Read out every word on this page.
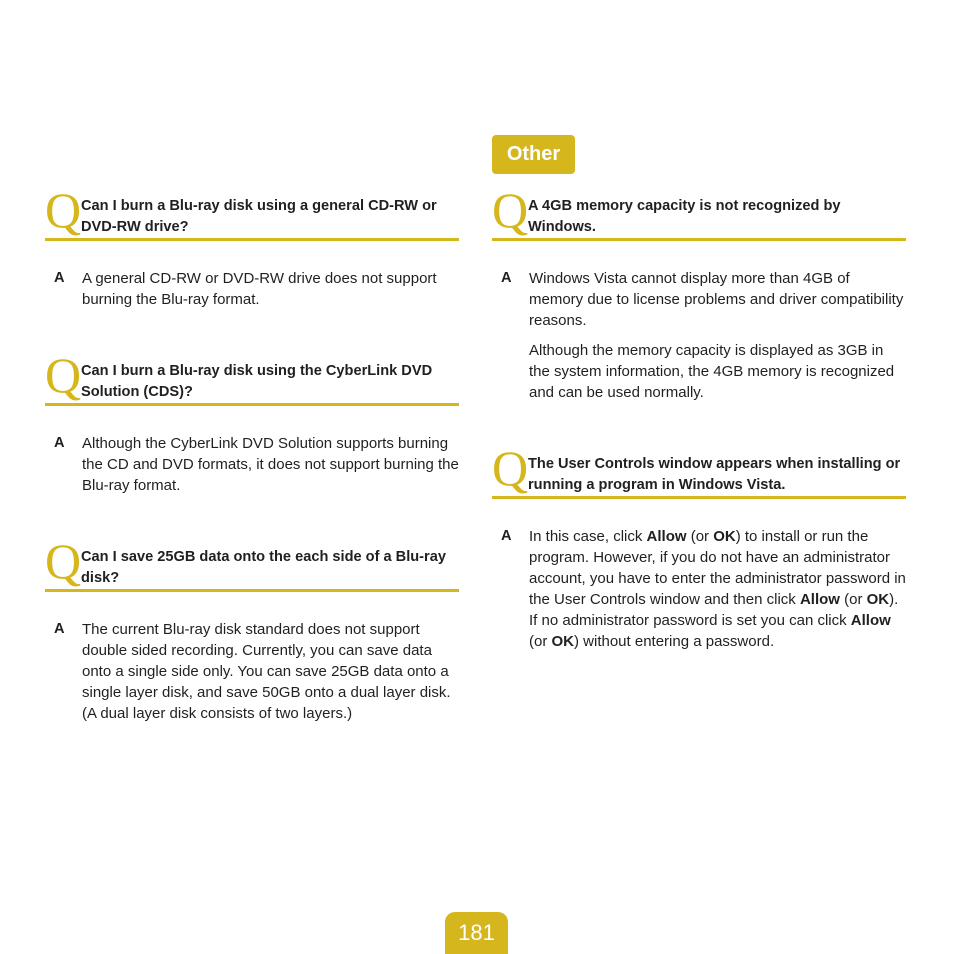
Other
Q Can I burn a Blu-ray disk using a general CD-RW or DVD-RW drive?

A A general CD-RW or DVD-RW drive does not support burning the Blu-ray format.

Q Can I burn a Blu-ray disk using the CyberLink DVD Solution (CDS)?

A Although the CyberLink DVD Solution supports burning the CD and DVD formats, it does not support burning the Blu-ray format.

Q Can I save 25GB data onto the each side of a Blu-ray disk?

A The current Blu-ray disk standard does not support double sided recording. Currently, you can save data onto a single side only. You can save 25GB data onto a single layer disk, and save 50GB onto a dual layer disk. (A dual layer disk consists of two layers.)

Q A 4GB memory capacity is not recognized by Windows.

A Windows Vista cannot display more than 4GB of memory due to license problems and driver compatibility reasons.

Although the memory capacity is displayed as 3GB in the system information, the 4GB memory is recognized and can be used normally.

Q The User Controls window appears when installing or running a program in Windows Vista.

A In this case, click Allow (or OK) to install or run the program. However, if you do not have an administrator account, you have to enter the administrator password in the User Controls window and then click Allow (or OK). If no administrator password is set you can click Allow (or OK) without entering a password.

181
